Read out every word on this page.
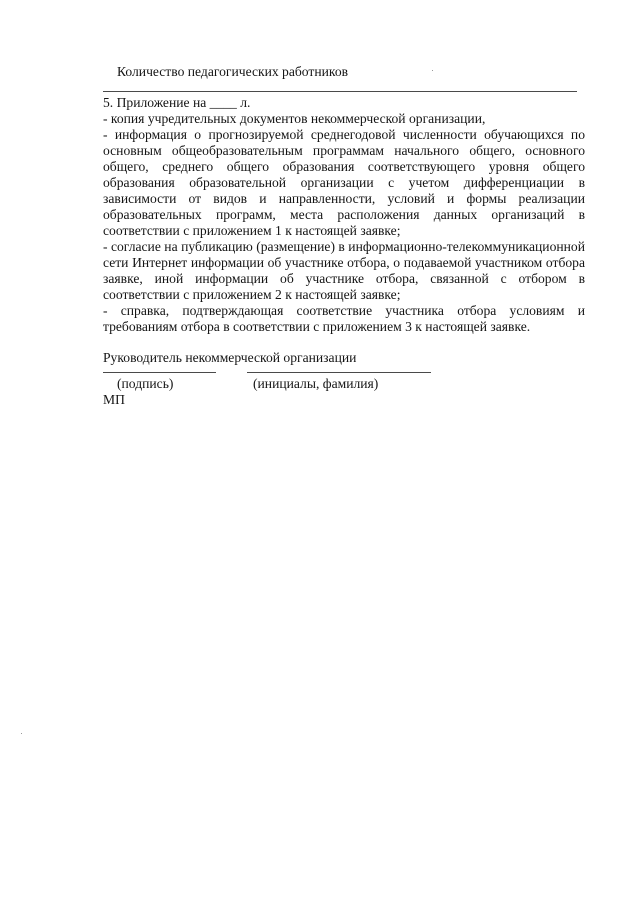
Количество педагогических работников
5. Приложение на ____ л.
- копия учредительных документов некоммерческой организации,
- информация о прогнозируемой среднегодовой численности обучающихся по
основным общеобразовательным программам начального общего, основного
общего, среднего общего образования соответствующего уровня общего
образования образовательной организации с учетом дифференциации в
зависимости от видов и направленности, условий и формы реализации
образовательных программ, места расположения данных организаций в
соответствии с приложением 1 к настоящей заявке;
- согласие на публикацию (размещение) в информационно-телекоммуникационной
сети Интернет информации об участнике отбора, о подаваемой участником отбора
заявке, иной информации об участнике отбора, связанной с отбором в
соответствии с приложением 2 к настоящей заявке;
- справка, подтверждающая соответствие участника отбора условиям и
требованиям отбора в соответствии с приложением 3 к настоящей заявке.
Руководитель некоммерческой организации
(подпись)	(инициалы, фамилия)
МП
